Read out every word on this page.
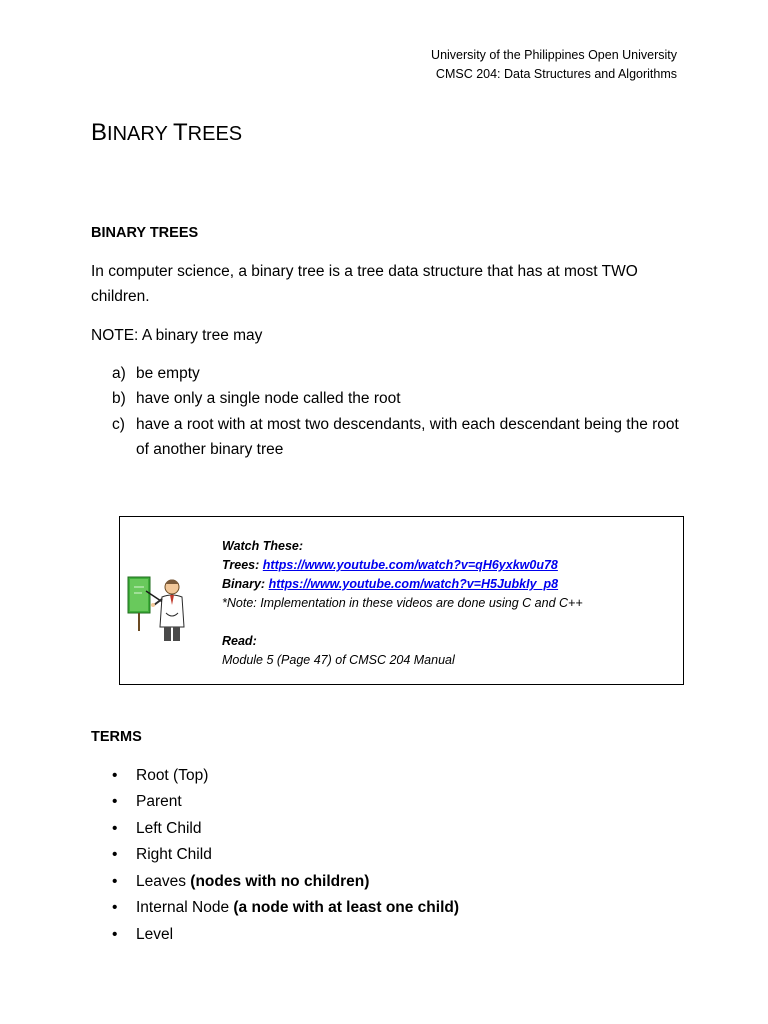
University of the Philippines Open University
CMSC 204: Data Structures and Algorithms
BINARY TREES
BINARY TREES
In computer science, a binary tree is a tree data structure that has at most TWO children.
NOTE: A binary tree may
a) be empty
b) have only a single node called the root
c) have a root with at most two descendants, with each descendant being the root of another binary tree
Watch These:
Trees: https://www.youtube.com/watch?v=qH6yxkw0u78
Binary: https://www.youtube.com/watch?v=H5JubkIy_p8
*Note: Implementation in these videos are done using C and C++
Read:
Module 5 (Page 47) of CMSC 204 Manual
TERMS
•	Root (Top)
•	Parent
•	Left Child
•	Right Child
•	Leaves (nodes with no children)
•	Internal Node (a node with at least one child)
•	Level
